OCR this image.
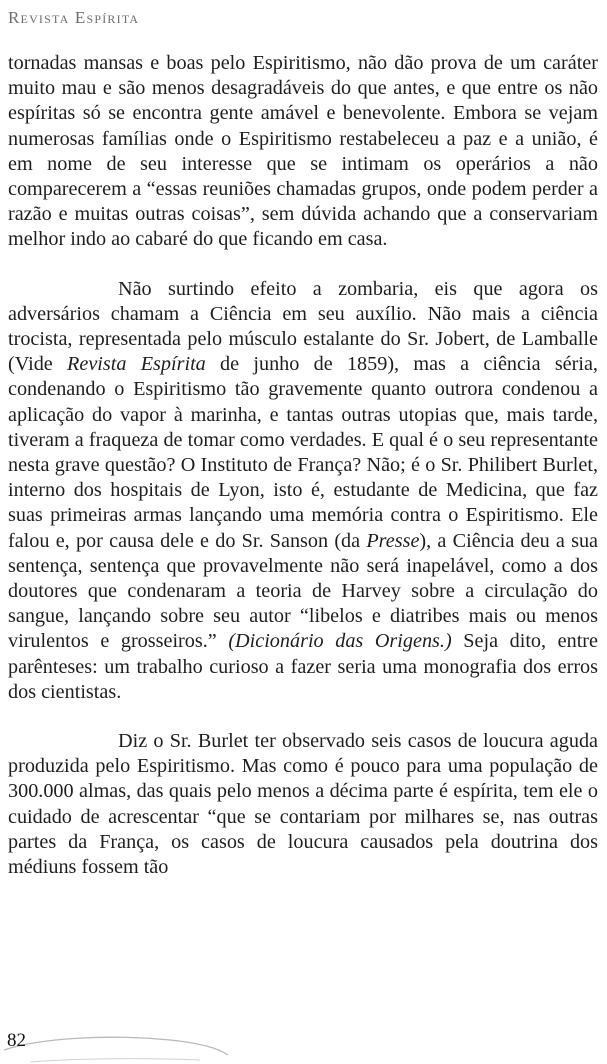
Revista Espírita

tornadas mansas e boas pelo Espiritismo, não dão prova de um caráter muito mau e são menos desagradáveis do que antes, e que entre os não espíritas só se encontra gente amável e benevolente. Embora se vejam numerosas famílias onde o Espiritismo restabeleceu a paz e a união, é em nome de seu interesse que se intimam os operários a não comparecerem a “essas reuniões chamadas grupos, onde podem perder a razão e muitas outras coisas”, sem dúvida achando que a conservariam melhor indo ao cabaré do que ficando em casa.

Não surtindo efeito a zombaria, eis que agora os adversários chamam a Ciência em seu auxílio. Não mais a ciência trocista, representada pelo músculo estalante do Sr. Jobert, de Lamballe (Vide Revista Espírita de junho de 1859), mas a ciência séria, condenando o Espiritismo tão gravemente quanto outrora condenou a aplicação do vapor à marinha, e tantas outras utopias que, mais tarde, tiveram a fraqueza de tomar como verdades. E qual é o seu representante nesta grave questão? O Instituto de França? Não; é o Sr. Philibert Burlet, interno dos hospitais de Lyon, isto é, estudante de Medicina, que faz suas primeiras armas lançando uma memória contra o Espiritismo. Ele falou e, por causa dele e do Sr. Sanson (da Presse), a Ciência deu a sua sentença, sentença que provavelmente não será inapelável, como a dos doutores que condenaram a teoria de Harvey sobre a circulação do sangue, lançando sobre seu autor “libelos e diatribes mais ou menos virulentos e grosseiros.” (Dicionário das Origens.) Seja dito, entre parênteses: um trabalho curioso a fazer seria uma monografia dos erros dos cientistas.

Diz o Sr. Burlet ter observado seis casos de loucura aguda produzida pelo Espiritismo. Mas como é pouco para uma população de 300.000 almas, das quais pelo menos a décima parte é espírita, tem ele o cuidado de acrescentar “que se contariam por milhares se, nas outras partes da França, os casos de loucura causados pela doutrina dos médiuns fossem tão

82
